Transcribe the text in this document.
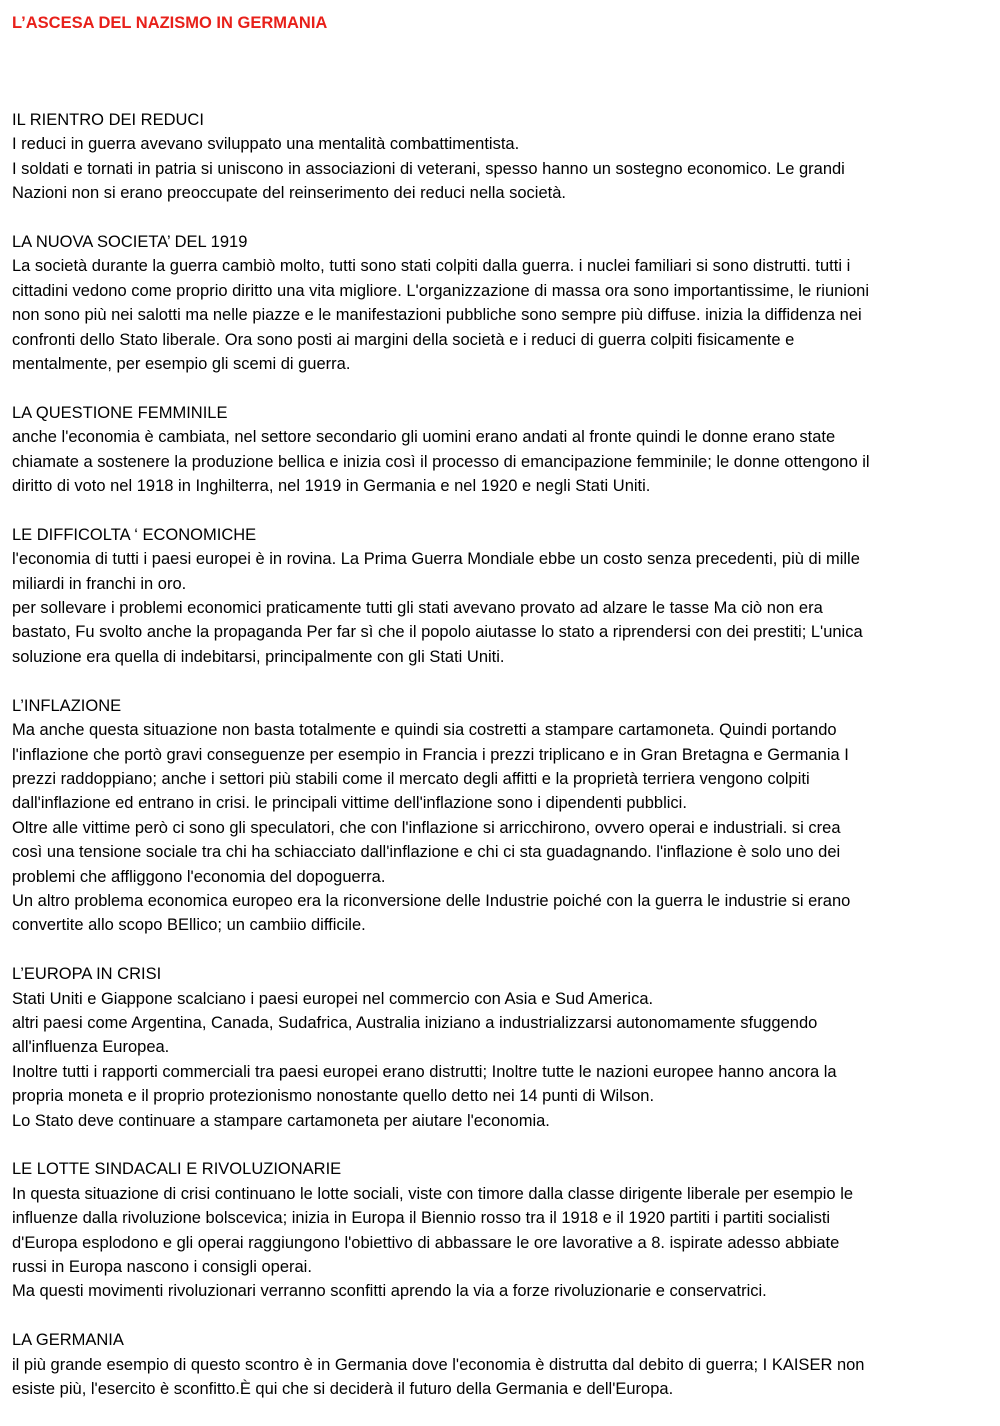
L’ASCESA DEL NAZISMO IN GERMANIA
IL RIENTRO DEI REDUCI

I reduci in guerra avevano sviluppato una mentalità combattimentista.

I soldati e tornati in patria si uniscono in associazioni di veterani, spesso hanno un sostegno economico. Le grandi

Nazioni non si erano preoccupate del reinserimento dei reduci nella società.

LA NUOVA SOCIETA’ DEL 1919

La società durante la guerra cambiò molto, tutti sono stati colpiti dalla guerra. i nuclei familiari si sono distrutti. tutti i

cittadini vedono come proprio diritto una vita migliore. L'organizzazione di massa ora sono importantissime, le riunioni

non sono più nei salotti ma nelle piazze e le manifestazioni pubbliche sono sempre più diffuse. inizia la diffidenza nei

confronti dello Stato liberale. Ora sono posti ai margini della società e i reduci di guerra colpiti fisicamente e

mentalmente, per esempio gli scemi di guerra.

LA QUESTIONE FEMMINILE

anche l'economia è cambiata, nel settore secondario gli uomini erano andati al fronte quindi le donne erano state

chiamate a sostenere la produzione bellica e inizia così il processo di emancipazione femminile; le donne ottengono il

diritto di voto nel 1918 in Inghilterra, nel 1919 in Germania e nel 1920 e negli Stati Uniti.

LE DIFFICOLTA ‘ ECONOMICHE

l'economia di tutti i paesi europei è in rovina. La Prima Guerra Mondiale ebbe un costo senza precedenti, più di mille

miliardi in franchi in oro.

per sollevare i problemi economici praticamente tutti gli stati avevano provato ad alzare le tasse Ma ciò non era

bastato, Fu svolto anche la propaganda Per far sì che il popolo aiutasse lo stato a riprendersi con dei prestiti; L'unica

soluzione era quella di indebitarsi, principalmente con gli Stati Uniti.

L’INFLAZIONE

Ma anche questa situazione non basta totalmente e quindi sia costretti a stampare cartamoneta. Quindi portando

l'inflazione che portò gravi conseguenze per esempio in Francia i prezzi triplicano e in Gran Bretagna e Germania I

prezzi raddoppiano; anche i settori più stabili come il mercato degli affitti e la proprietà terriera vengono colpiti

dall'inflazione ed entrano in crisi. le principali vittime dell'inflazione sono i dipendenti pubblici.

Oltre alle vittime però ci sono gli speculatori, che con l'inflazione si arricchirono, ovvero operai e industriali. si crea

così una tensione sociale tra chi ha schiacciato dall'inflazione e chi ci sta guadagnando. l'inflazione è solo uno dei

problemi che affliggono l'economia del dopoguerra.

Un altro problema economica europeo era la riconversione delle Industrie poiché con la guerra le industrie si erano

convertite allo scopo BEllico; un cambiio difficile.

L’EUROPA IN CRISI

Stati Uniti e Giappone scalciano i paesi europei nel commercio con Asia e Sud America.

altri paesi come Argentina, Canada, Sudafrica, Australia iniziano a industrializzarsi autonomamente sfuggendo

all'influenza Europea.

Inoltre tutti i rapporti commerciali tra paesi europei erano distrutti; Inoltre tutte le nazioni europee hanno ancora la

propria moneta e il proprio protezionismo nonostante quello detto nei 14 punti di Wilson.

Lo Stato deve continuare a stampare cartamoneta per aiutare l'economia.

LE LOTTE SINDACALI E RIVOLUZIONARIE

In questa situazione di crisi continuano le lotte sociali, viste con timore dalla classe dirigente liberale per esempio le

influenze dalla rivoluzione bolscevica; inizia in Europa il Biennio rosso tra il 1918 e il 1920 partiti i partiti socialisti

d'Europa esplodono e gli operai raggiungono l'obiettivo di abbassare le ore lavorative a 8. ispirate adesso abbiate

russi in Europa nascono i consigli operai.

Ma questi movimenti rivoluzionari verranno sconfitti aprendo la via a forze rivoluzionarie e conservatrici.

LA GERMANIA

il più grande esempio di questo scontro è in Germania dove l'economia è distrutta dal debito di guerra; I KAISER non

esiste più, l'esercito è sconfitto.È qui che si deciderà il futuro della Germania e dell'Europa.
